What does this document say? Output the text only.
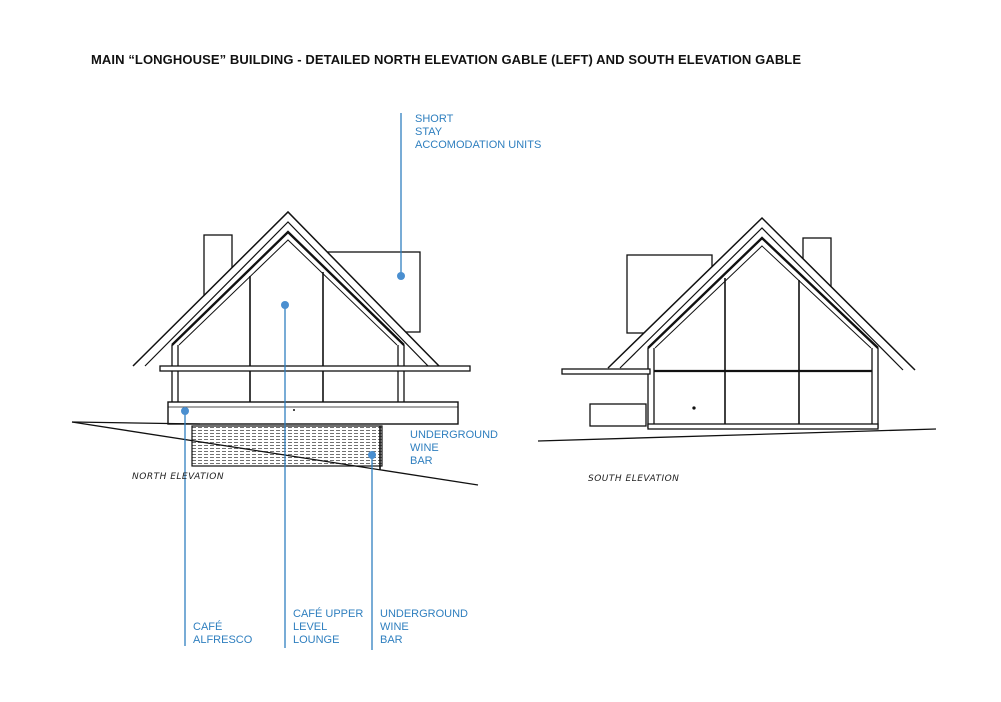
MAIN “LONGHOUSE” BUILDING - DETAILED NORTH ELEVATION GABLE (LEFT) AND SOUTH ELEVATION GABLE
NORTH ELEVATION	SOUTH ELEVATION
SHORT
STAY
ACCOMODATION UNITS
UNDERGROUND
WINE
BAR
CAFÉ
ALFRESCO
CAFÉ UPPER
LEVEL
LOUNGE
UNDERGROUND
WINE
BAR
